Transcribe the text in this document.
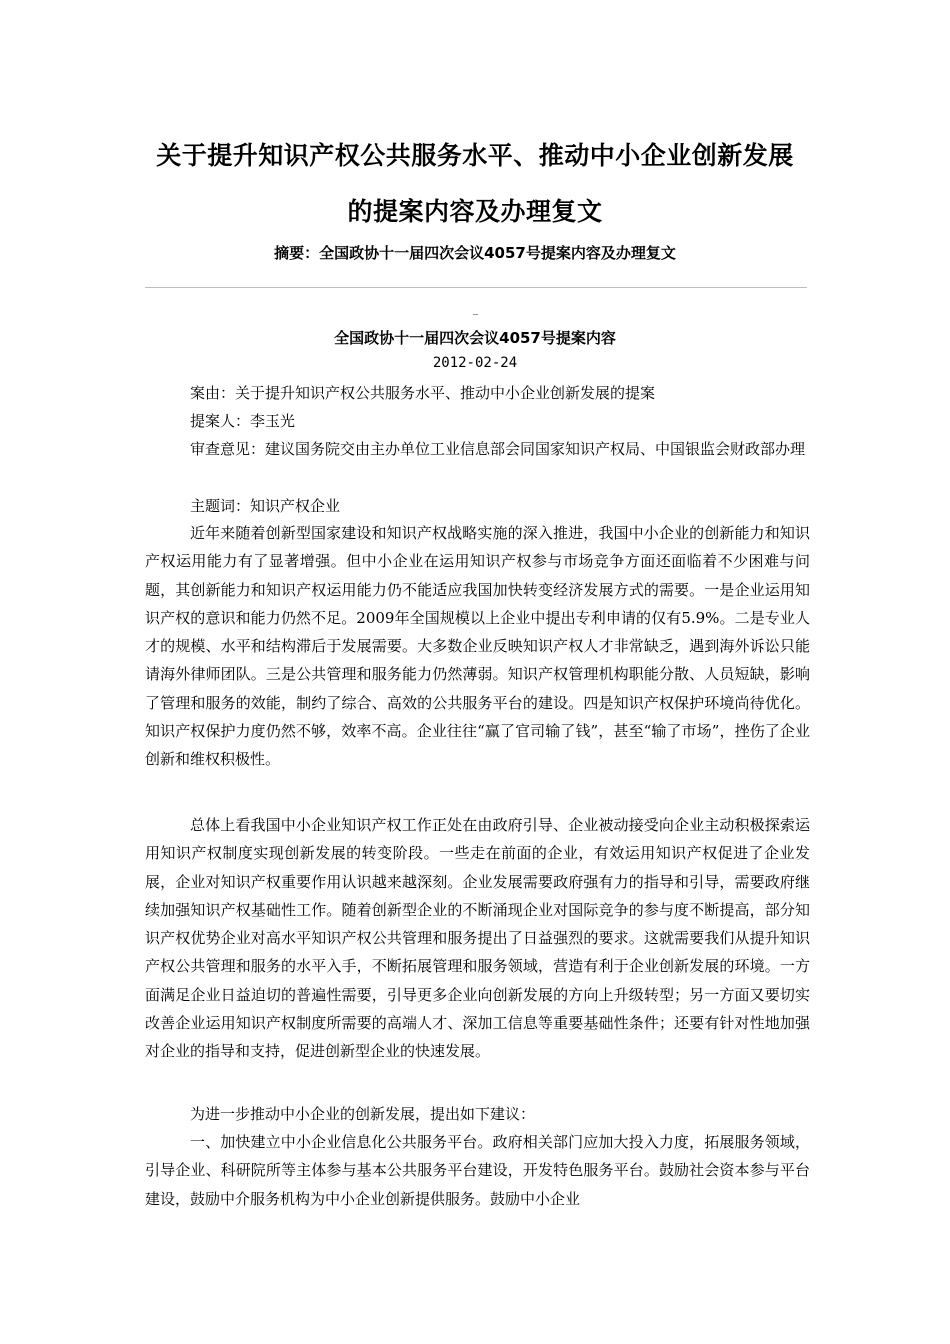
关于提升知识产权公共服务水平、推动中小企业创新发展
的提案内容及办理复文
摘要：全国政协十一届四次会议4057号提案内容及办理复文
全国政协十一届四次会议4057号提案内容
2012-02-24
案由：关于提升知识产权公共服务水平、推动中小企业创新发展的提案
提案人：李玉光
审查意见：建议国务院交由主办单位工业信息部会同国家知识产权局、中国银监会财政部办理
主题词：知识产权企业
近年来随着创新型国家建设和知识产权战略实施的深入推进，我国中小企业的创新能力和知识产权运用能力有了显著增强。但中小企业在运用知识产权参与市场竞争方面还面临着不少困难与问题，其创新能力和知识产权运用能力仍不能适应我国加快转变经济发展方式的需要。一是企业运用知识产权的意识和能力仍然不足。2009年全国规模以上企业中提出专利申请的仅有5.9%。二是专业人才的规模、水平和结构滞后于发展需要。大多数企业反映知识产权人才非常缺乏，遇到海外诉讼只能请海外律师团队。三是公共管理和服务能力仍然薄弱。知识产权管理机构职能分散、人员短缺，影响了管理和服务的效能，制约了综合、高效的公共服务平台的建设。四是知识产权保护环境尚待优化。知识产权保护力度仍然不够，效率不高。企业往往“赢了官司输了钱”，甚至“输了市场”，挫伤了企业创新和维权积极性。
总体上看我国中小企业知识产权工作正处在由政府引导、企业被动接受向企业主动积极探索运用知识产权制度实现创新发展的转变阶段。一些走在前面的企业，有效运用知识产权促进了企业发展，企业对知识产权重要作用认识越来越深刻。企业发展需要政府强有力的指导和引导，需要政府继续加强知识产权基础性工作。随着创新型企业的不断涌现企业对国际竞争的参与度不断提高，部分知识产权优势企业对高水平知识产权公共管理和服务提出了日益强烈的要求。这就需要我们从提升知识产权公共管理和服务的水平入手，不断拓展管理和服务领域，营造有利于企业创新发展的环境。一方面满足企业日益迫切的普遍性需要，引导更多企业向创新发展的方向上升级转型；另一方面又要切实改善企业运用知识产权制度所需要的高端人才、深加工信息等重要基础性条件；还要有针对性地加强对企业的指导和支持，促进创新型企业的快速发展。
为进一步推动中小企业的创新发展，提出如下建议：
一、加快建立中小企业信息化公共服务平台。政府相关部门应加大投入力度，拓展服务领域，引导企业、科研院所等主体参与基本公共服务平台建设，开发特色服务平台。鼓励社会资本参与平台建设，鼓励中介服务机构为中小企业创新提供服务。鼓励中小企业
